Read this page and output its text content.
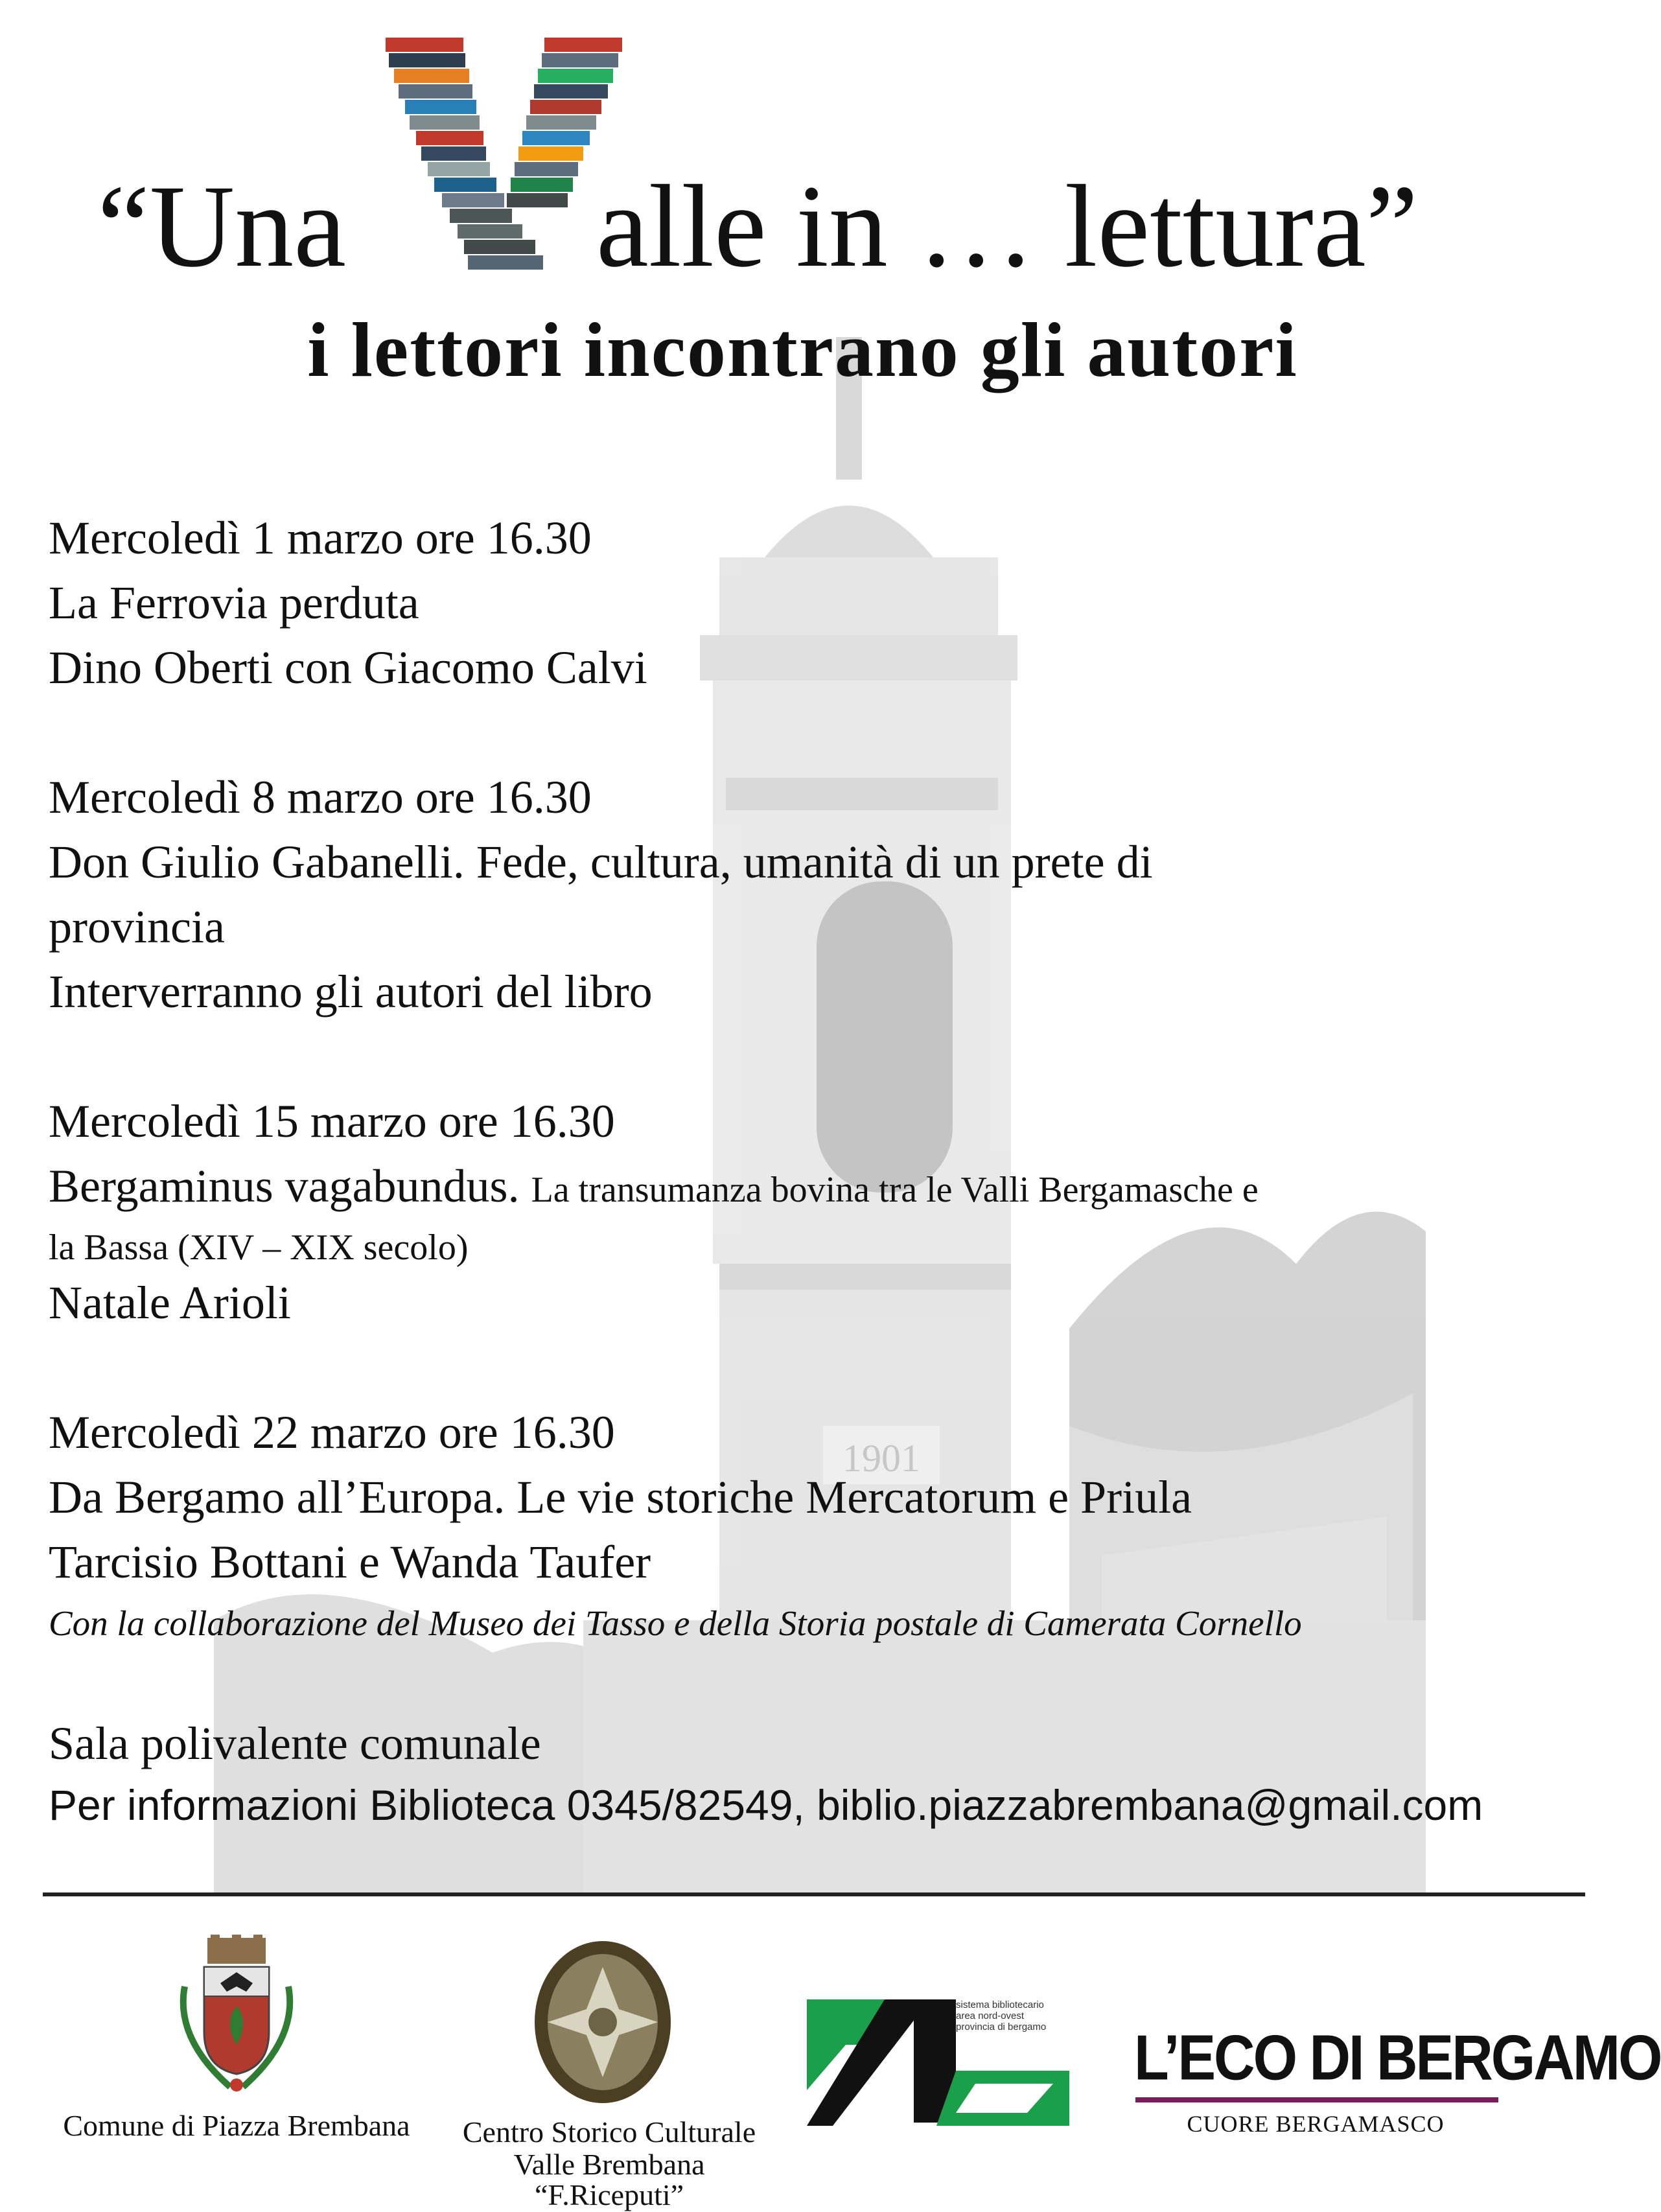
1901
“Una alle in … lettura”
i lettori incontrano gli autori
Mercoledì 1 marzo ore 16.30
La Ferrovia perduta
Dino Oberti con Giacomo Calvi
Mercoledì 8 marzo ore 16.30
Don Giulio Gabanelli. Fede, cultura, umanità di un prete di
provincia
Interverranno gli autori del libro
Mercoledì 15 marzo ore 16.30
Bergaminus vagabundus. La transumanza bovina tra le Valli Bergamasche e
la Bassa (XIV – XIX secolo)
Natale Arioli
Mercoledì 22 marzo ore 16.30
Da Bergamo all’Europa. Le vie storiche Mercatorum e Priula
Tarcisio Bottani e Wanda Taufer
Con la collaborazione del Museo dei Tasso e della Storia postale di Camerata Cornello
Sala polivalente comunale
Per informazioni Biblioteca 0345/82549, biblio.piazzabrembana@gmail.com
Comune di Piazza Brembana	Centro Storico Culturale
Valle Brembana
“F.Riceputi”
sistema bibliotecario
area nord-ovest
provincia di bergamo	L’ECO DI BERGAMO
CUORE BERGAMASCO
